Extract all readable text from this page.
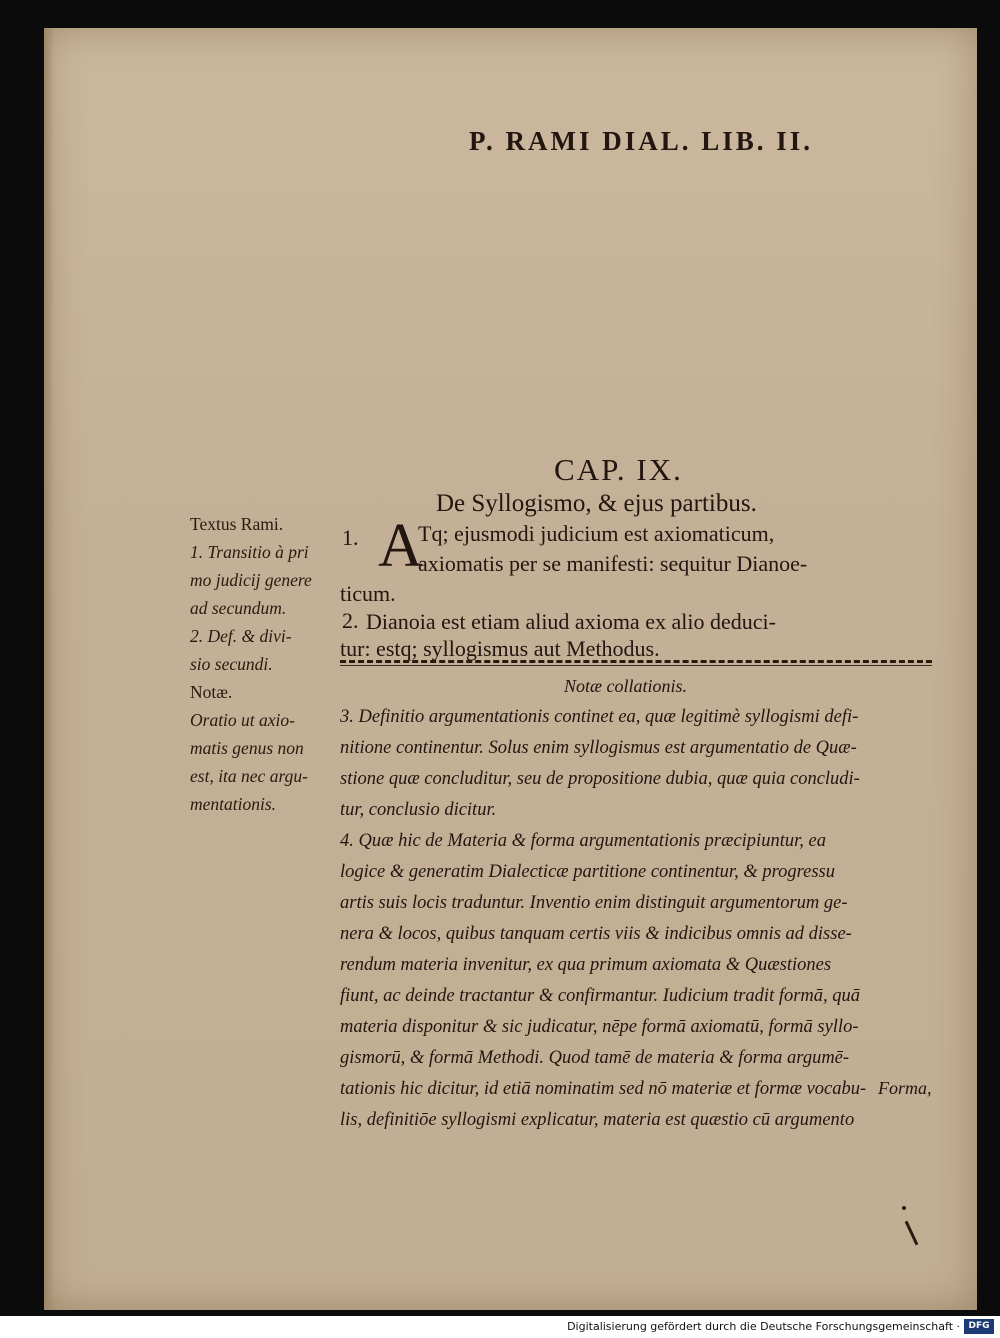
P. RAMI DIAL. LIB. II.
CAP. IX.
De Syllogismo, & ejus partibus.
Textus Rami.
1. Transitio à pri
mo judicij genere
ad secundum.
2. Def. & divi-
sio secundi.
Notæ.
Oratio ut axio-
matis genus non
est, ita nec argu-
mentationis.
1. A
Tq; ejusmodi judicium est axiomaticum,
axiomatis per se manifesti: sequitur Dianoe-
ticum.
2. Dianoia est etiam aliud axioma ex alio deduci-
tur: estq; syllogismus aut Methodus.
Notæ collationis.
3. Definitio argumentationis continet ea, quæ legitimè syllogismi defi-
nitione continentur. Solus enim syllogismus est argumentatio de Quæ-
stione quæ concluditur, seu de propositione dubia, quæ quia concludi-
tur, conclusio dicitur.
4. Quæ hic de Materia & forma argumentationis præcipiuntur, ea
logice & generatim Dialecticæ partitione continentur, & progressu
artis suis locis traduntur. Inventio enim distinguit argumentorum ge-
nera & locos, quibus tanquam certis viis & indicibus omnis ad disse-
rendum materia invenitur, ex qua primum axiomata & Quæstiones
fiunt, ac deinde tractantur & confirmantur. Iudicium tradit formā, quā
materia disponitur & sic judicatur, nēpe formā axiomatū, formā syllo-
gismorū, & formā Methodi. Quod tamē de materia & forma argumē-
tationis hic dicitur, id etiā nominatim sed nō materiæ et formæ vocabu-
lis, definitiōe syllogismi explicatur, materia est quæstio cū argumento
Forma,
Digitalisierung gefördert durch die Deutsche Forschungsgemeinschaft · DFG
